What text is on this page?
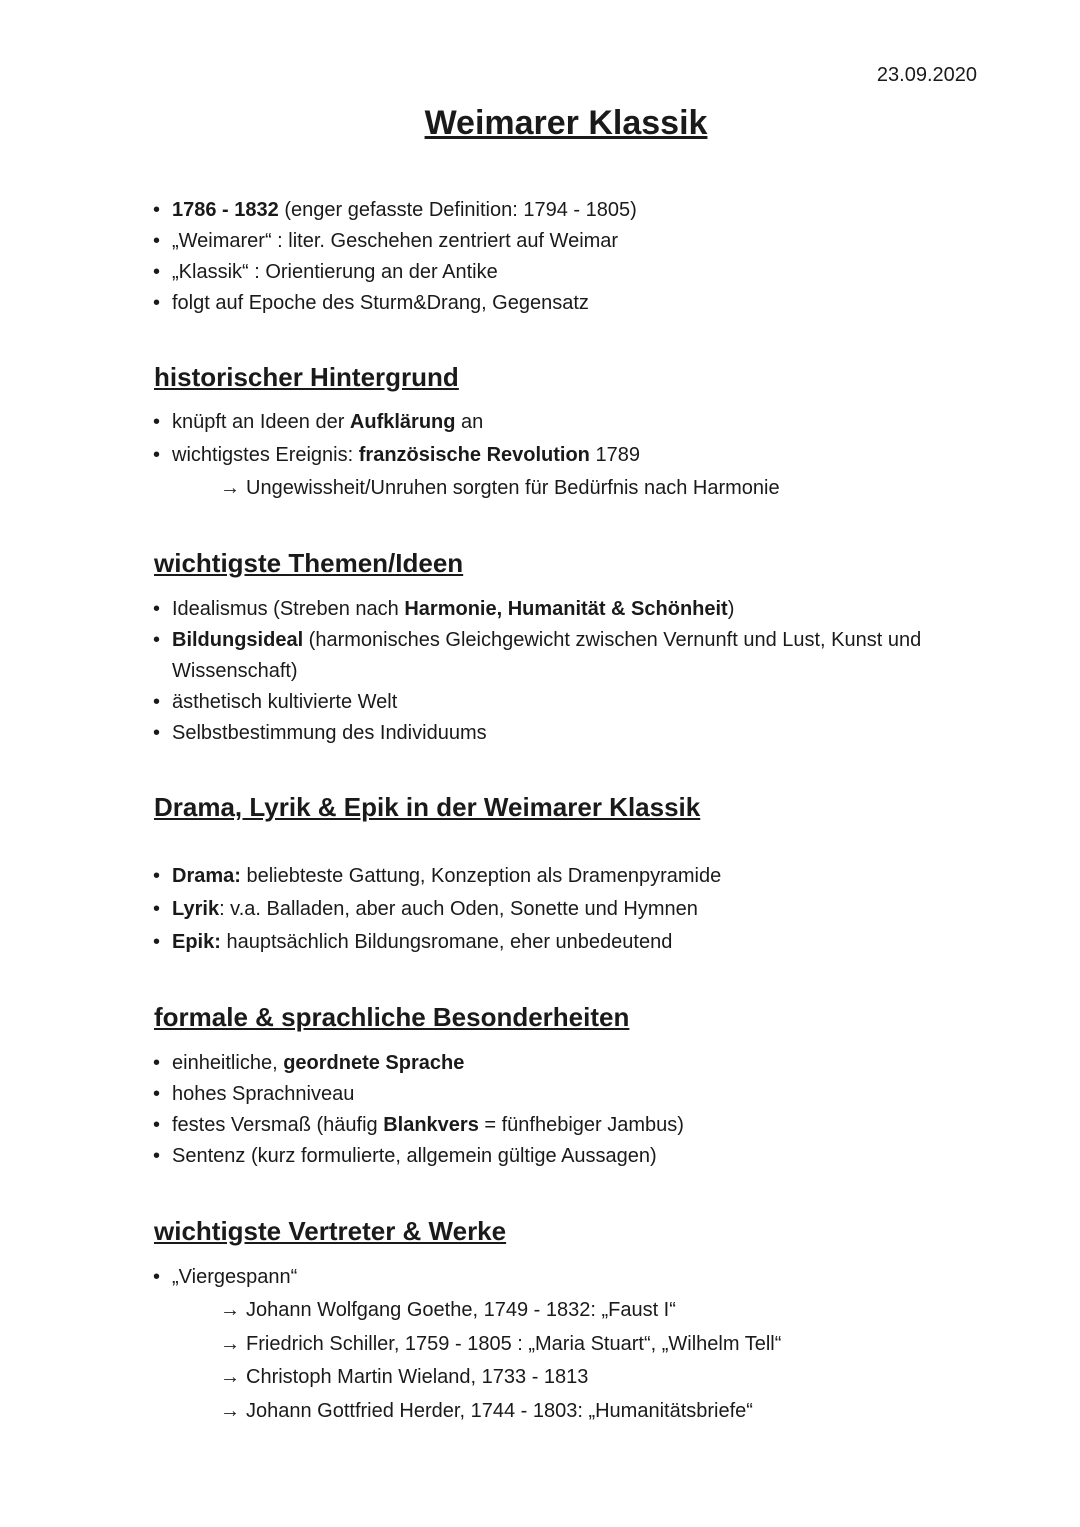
23.09.2020
Weimarer Klassik
• 1786 - 1832 (enger gefasste Definition: 1794 - 1805)
• „Weimarer“ : liter. Geschehen zentriert auf Weimar
• „Klassik“ : Orientierung an der Antike
• folgt auf Epoche des Sturm&Drang, Gegensatz
historischer Hintergrund
• knüpft an Ideen der Aufklärung an
• wichtigstes Ereignis: französische Revolution 1789
→ Ungewissheit/Unruhen sorgten für Bedürfnis nach Harmonie
wichtigste Themen/Ideen
• Idealismus (Streben nach Harmonie, Humanität & Schönheit)
• Bildungsideal (harmonisches Gleichgewicht zwischen Vernunft und Lust, Kunst und Wissenschaft)
• ästhetisch kultivierte Welt
• Selbstbestimmung des Individuums
Drama, Lyrik & Epik in der Weimarer Klassik
• Drama: beliebteste Gattung, Konzeption als Dramenpyramide
• Lyrik: v.a. Balladen, aber auch Oden, Sonette und Hymnen
• Epik: hauptsächlich Bildungsromane, eher unbedeutend
formale & sprachliche Besonderheiten
• einheitliche, geordnete Sprache
• hohes Sprachniveau
• festes Versmaß (häufig Blankvers = fünfhebiger Jambus)
• Sentenz (kurz formulierte, allgemein gültige Aussagen)
wichtigste Vertreter & Werke
• „Viergespann“
→ Johann Wolfgang Goethe, 1749 - 1832: „Faust I“
→ Friedrich Schiller, 1759 - 1805 : „Maria Stuart“, „Wilhelm Tell“
→ Christoph Martin Wieland, 1733 - 1813
→ Johann Gottfried Herder, 1744 - 1803: „Humanitätsbriefe“
